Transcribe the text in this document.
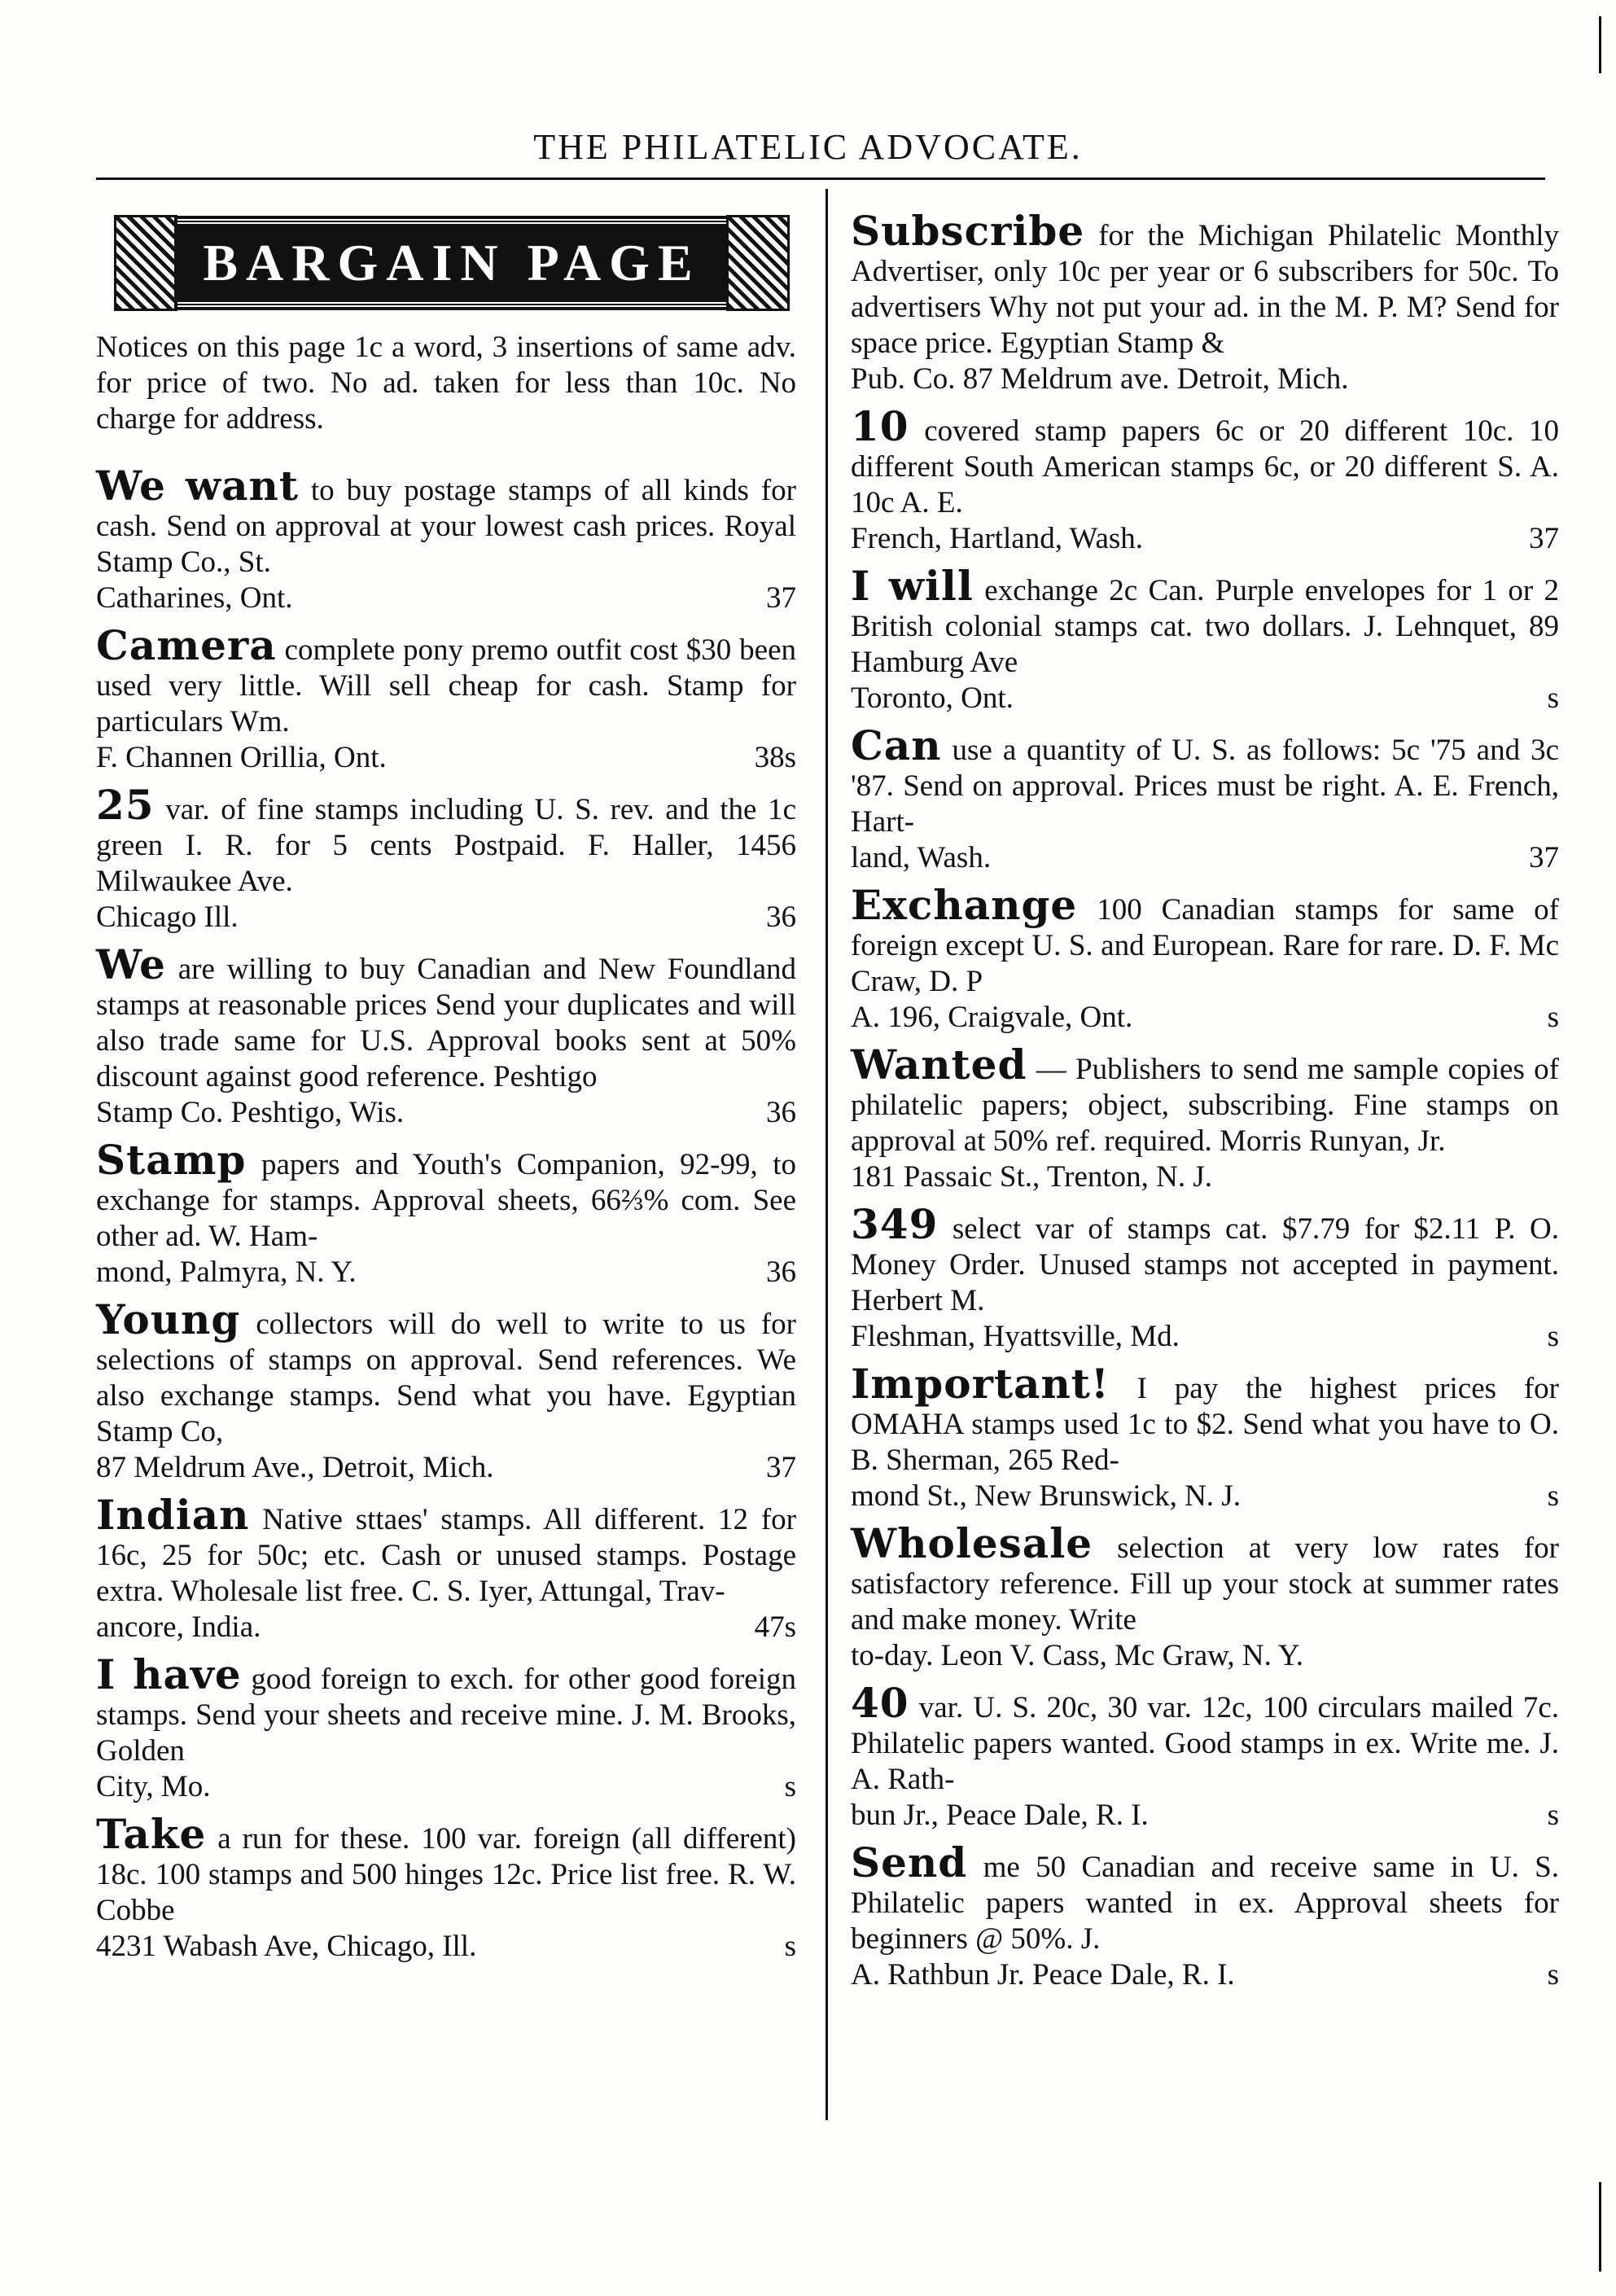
THE PHILATELIC ADVOCATE.
BARGAIN PAGE
Notices on this page 1c a word, 3 insertions of same adv. for price of two. No ad. taken for less than 10c. No charge for address.
We want to buy postage stamps of all kinds for cash. Send on approval at your lowest cash prices. Royal Stamp Co., St.
37
Catharines, Ont.
Camera complete pony premo outfit cost $30 been used very little. Will sell cheap for cash. Stamp for particulars Wm.
38s
F. Channen Orillia, Ont.
25 var. of fine stamps including U. S. rev. and the 1c green I. R. for 5 cents Postpaid. F. Haller, 1456 Milwaukee Ave.
36
Chicago Ill.
We are willing to buy Canadian and New Foundland stamps at reasonable prices Send your duplicates and will also trade same for U.S. Approval books sent at 50% discount against good reference. Peshtigo
36
Stamp Co. Peshtigo, Wis.
Stamp papers and Youth's Companion, 92-99, to exchange for stamps. Approval sheets, 66⅔% com. See other ad. W. Ham-
36
mond, Palmyra, N. Y.
Young collectors will do well to write to us for selections of stamps on approval. Send references. We also exchange stamps. Send what you have. Egyptian Stamp Co,
37
87 Meldrum Ave., Detroit, Mich.
Indian Native sttaes' stamps. All different. 12 for 16c, 25 for 50c; etc. Cash or unused stamps. Postage extra. Wholesale list free. C. S. Iyer, Attungal, Trav-
47s
ancore, India.
I have good foreign to exch. for other good foreign stamps. Send your sheets and receive mine. J. M. Brooks, Golden
s
City, Mo.
Take a run for these. 100 var. foreign (all different) 18c. 100 stamps and 500 hinges 12c. Price list free. R. W. Cobbe
s
4231 Wabash Ave, Chicago, Ill.
Subscribe for the Michigan Philatelic Monthly Advertiser, only 10c per year or 6 subscribers for 50c. To advertisers Why not put your ad. in the M. P. M? Send for space price. Egyptian Stamp &
Pub. Co. 87 Meldrum ave. Detroit, Mich.
10 covered stamp papers 6c or 20 different 10c. 10 different South American stamps 6c, or 20 different S. A. 10c A. E.
37
French, Hartland, Wash.
I will exchange 2c Can. Purple envelopes for 1 or 2 British colonial stamps cat. two dollars. J. Lehnquet, 89 Hamburg Ave
s
Toronto, Ont.
Can use a quantity of U. S. as follows: 5c '75 and 3c '87. Send on approval. Prices must be right. A. E. French, Hart-
37
land, Wash.
Exchange 100 Canadian stamps for same of foreign except U. S. and European. Rare for rare. D. F. Mc Craw, D. P
s
A. 196, Craigvale, Ont.
Wanted — Publishers to send me sample copies of philatelic papers; object, subscribing. Fine stamps on approval at 50% ref. required. Morris Runyan, Jr.
181 Passaic St., Trenton, N. J.
349 select var of stamps cat. $7.79 for $2.11 P. O. Money Order. Unused stamps not accepted in payment. Herbert M.
s
Fleshman, Hyattsville, Md.
Important! I pay the highest prices for OMAHA stamps used 1c to $2. Send what you have to O. B. Sherman, 265 Red-
s
mond St., New Brunswick, N. J.
Wholesale selection at very low rates for satisfactory reference. Fill up your stock at summer rates and make money. Write
to-day. Leon V. Cass, Mc Graw, N. Y.
40 var. U. S. 20c, 30 var. 12c, 100 circulars mailed 7c. Philatelic papers wanted. Good stamps in ex. Write me. J. A. Rath-
s
bun Jr., Peace Dale, R. I.
Send me 50 Canadian and receive same in U. S. Philatelic papers wanted in ex. Approval sheets for beginners @ 50%. J.
s
A. Rathbun Jr. Peace Dale, R. I.
